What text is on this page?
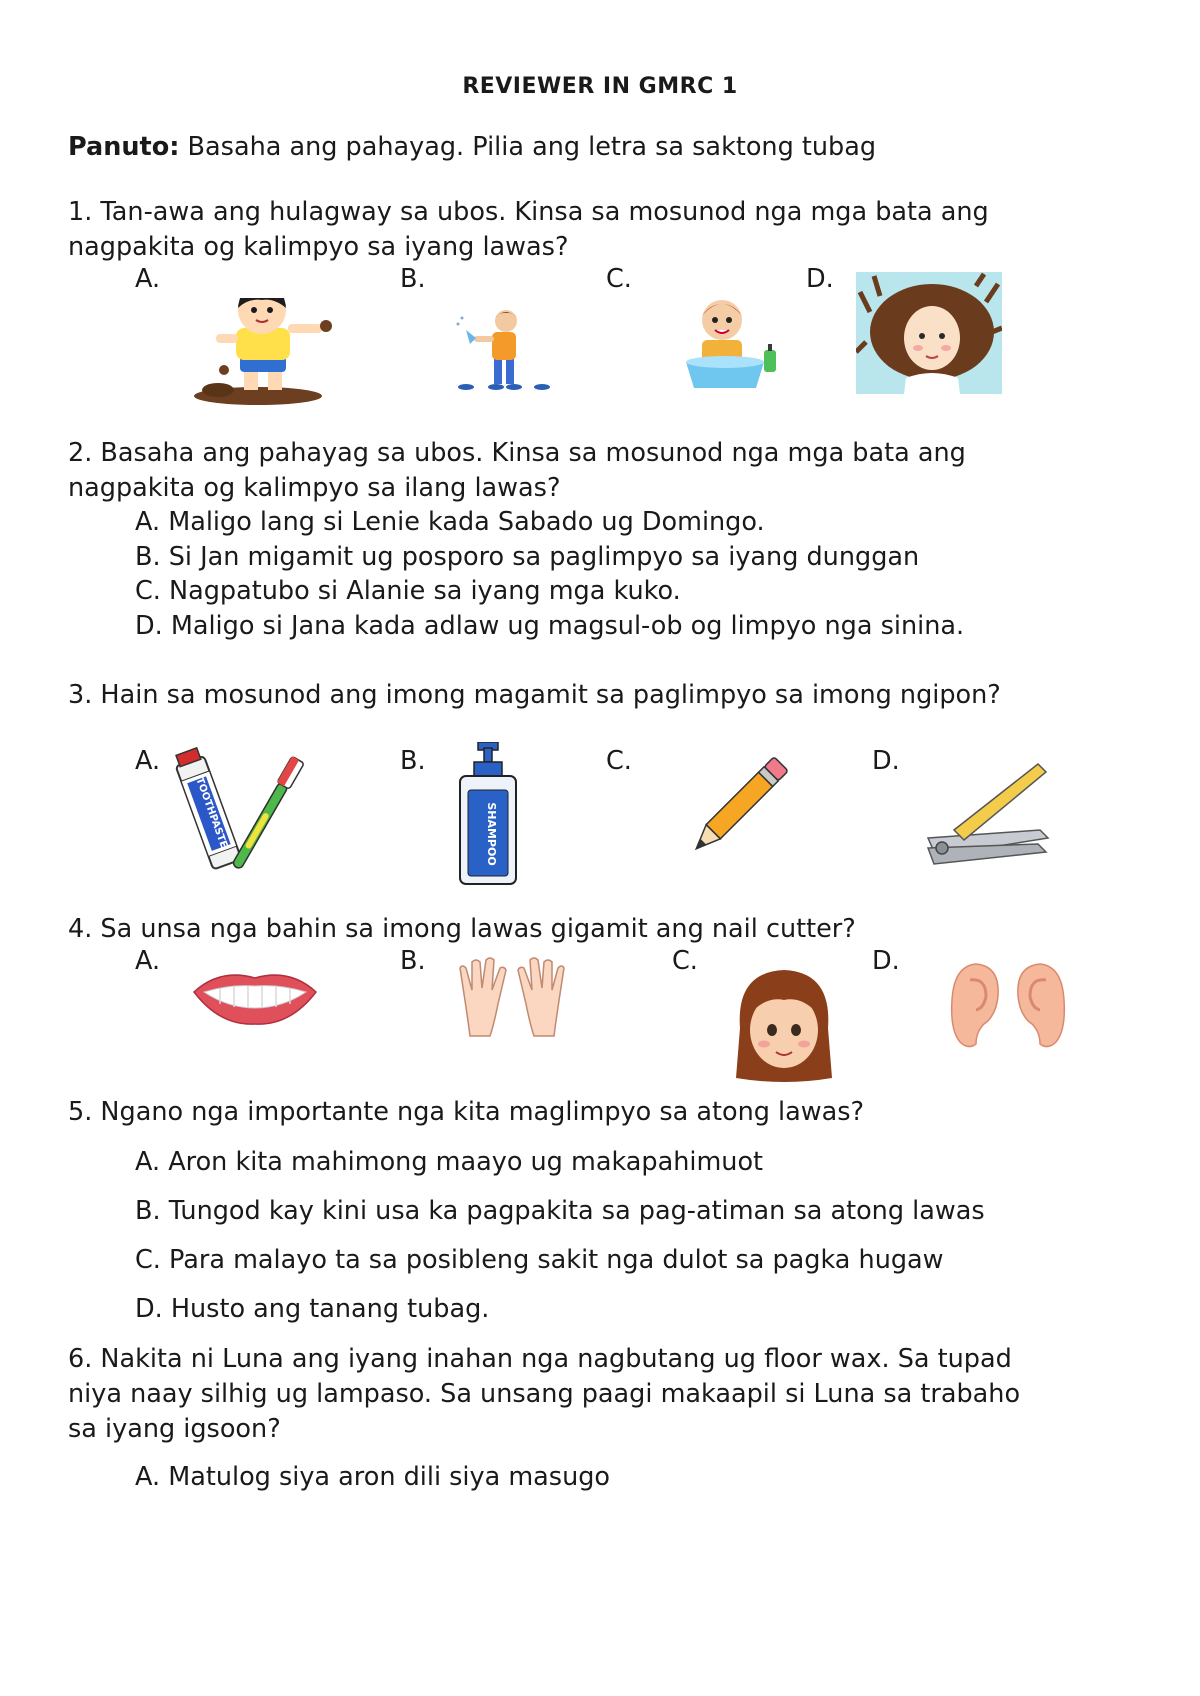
REVIEWER IN GMRC 1
Panuto: Basaha ang pahayag. Pilia ang letra sa saktong tubag
1. Tan-awa ang hulagway sa ubos. Kinsa sa mosunod nga mga bata ang
nagpakita og kalimpyo sa iyang lawas?
A.	B.	C.	D.
2. Basaha ang pahayag sa ubos. Kinsa sa mosunod nga mga bata ang
nagpakita og kalimpyo sa ilang lawas?
A. Maligo lang si Lenie kada Sabado ug Domingo.
B. Si Jan migamit ug posporo sa paglimpyo sa iyang dunggan
C. Nagpatubo si Alanie sa iyang mga kuko.
D. Maligo si Jana kada adlaw ug magsul-ob og limpyo nga sinina.
3. Hain sa mosunod ang imong magamit sa paglimpyo sa imong ngipon?
A.
TOOTHPASTE
B.
SHAMPOO
C.	D.
4. Sa unsa nga bahin sa imong lawas gigamit ang nail cutter?
A.	B.	C.	D.
5. Ngano nga importante nga kita maglimpyo sa atong lawas?
A. Aron kita mahimong maayo ug makapahimuot
B. Tungod kay kini usa ka pagpakita sa pag-atiman sa atong lawas
C. Para malayo ta sa posibleng sakit nga dulot sa pagka hugaw
D. Husto ang tanang tubag.
6. Nakita ni Luna ang iyang inahan nga nagbutang ug floor wax. Sa tupad
niya naay silhig ug lampaso. Sa unsang paagi makaapil si Luna sa trabaho
sa iyang igsoon?
A. Matulog siya aron dili siya masugo
